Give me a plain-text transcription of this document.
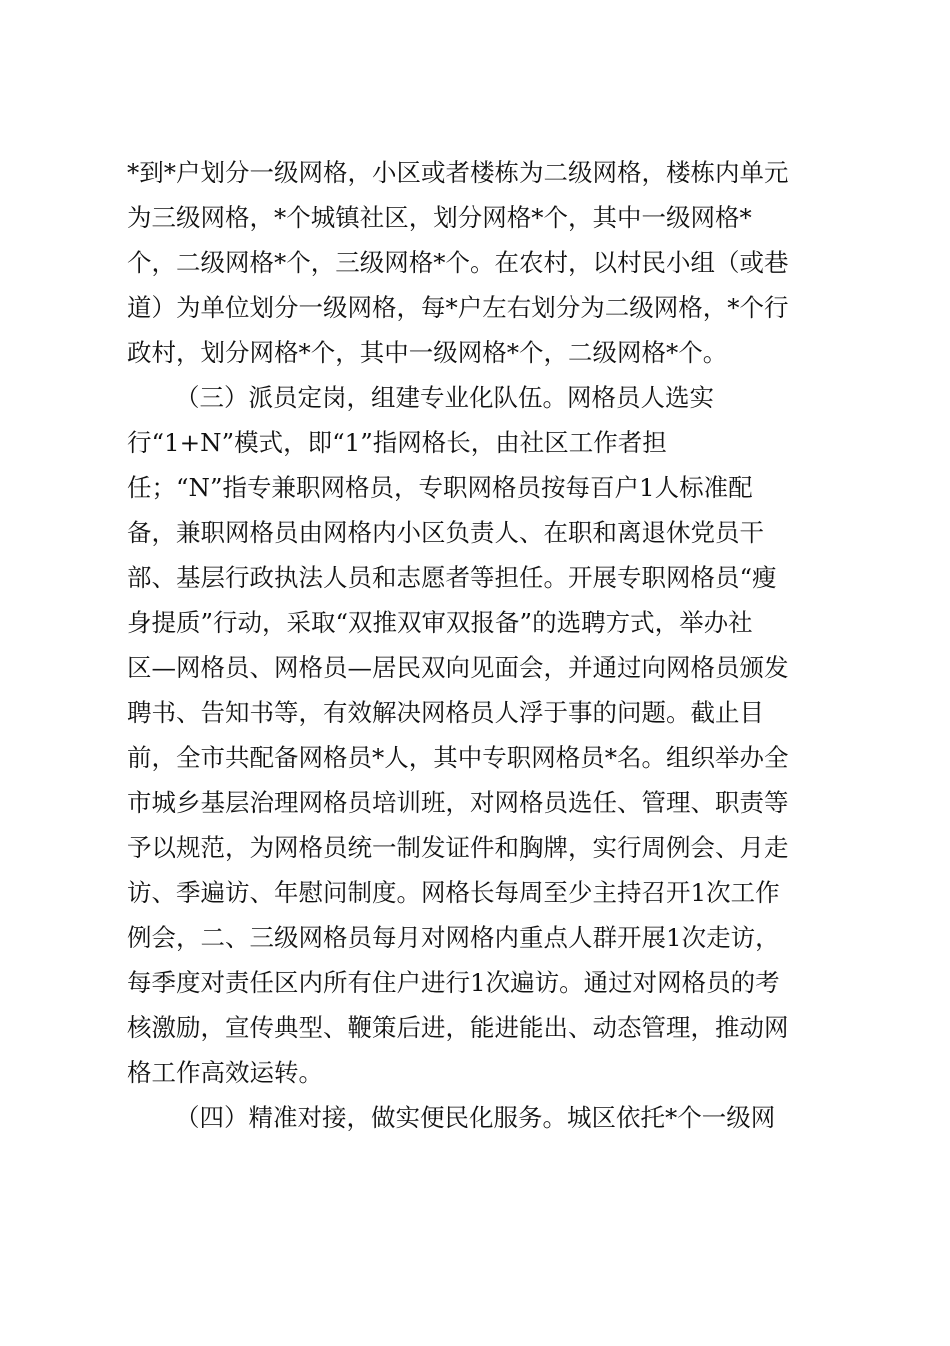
*到*户划分一级网格，小区或者楼栋为二级网格，楼栋内单元
为三级网格，*个城镇社区，划分网格*个，其中一级网格*
个，二级网格*个，三级网格*个。在农村，以村民小组（或巷
道）为单位划分一级网格，每*户左右划分为二级网格，*个行
政村，划分网格*个，其中一级网格*个，二级网格*个。
（三）派员定岗，组建专业化队伍。网格员人选实
行“1+N”模式，即“1”指网格长，由社区工作者担
任；“N”指专兼职网格员，专职网格员按每百户1人标准配
备，兼职网格员由网格内小区负责人、在职和离退休党员干
部、基层行政执法人员和志愿者等担任。开展专职网格员“瘦
身提质”行动，采取“双推双审双报备”的选聘方式，举办社
区—网格员、网格员—居民双向见面会，并通过向网格员颁发
聘书、告知书等，有效解决网格员人浮于事的问题。截止目
前，全市共配备网格员*人，其中专职网格员*名。组织举办全
市城乡基层治理网格员培训班，对网格员选任、管理、职责等
予以规范，为网格员统一制发证件和胸牌，实行周例会、月走
访、季遍访、年慰问制度。网格长每周至少主持召开1次工作
例会，二、三级网格员每月对网格内重点人群开展1次走访，
每季度对责任区内所有住户进行1次遍访。通过对网格员的考
核激励，宣传典型、鞭策后进，能进能出、动态管理，推动网
格工作高效运转。
（四）精准对接，做实便民化服务。城区依托*个一级网
